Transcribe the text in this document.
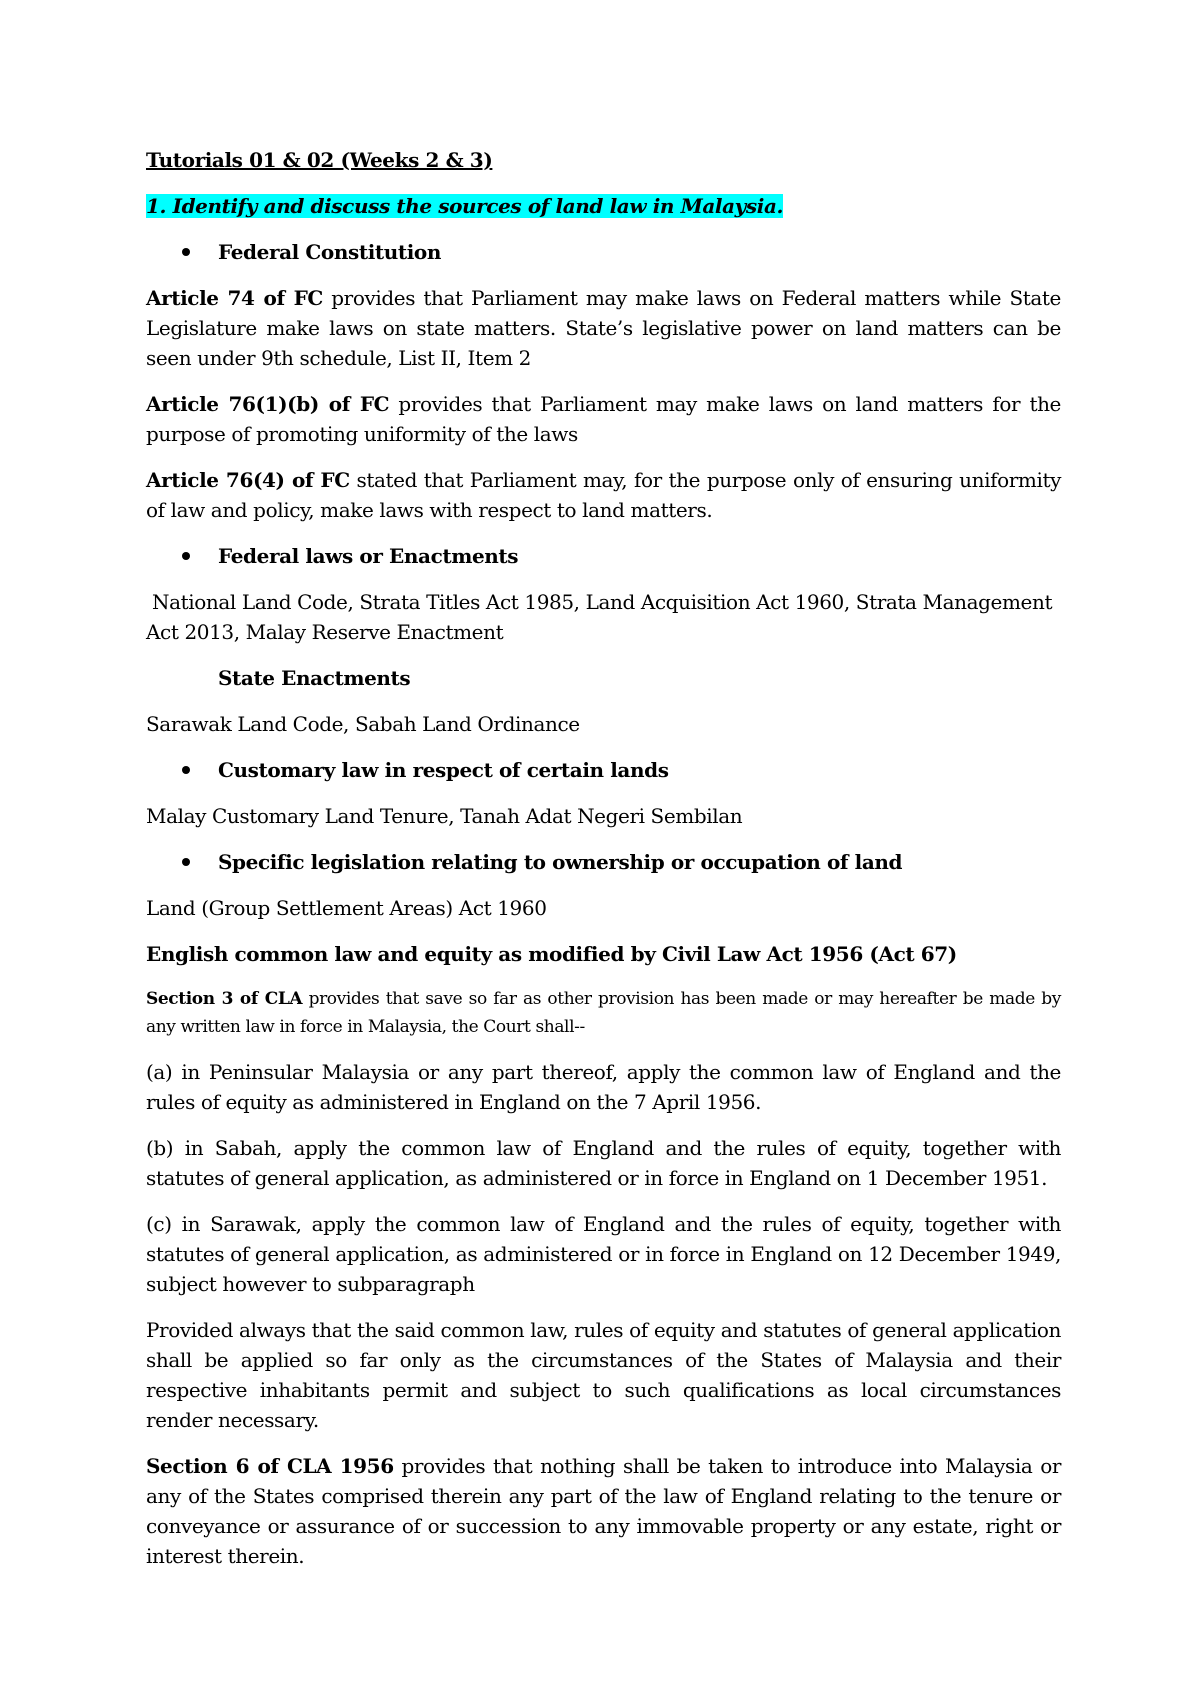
Tutorials 01 & 02 (Weeks 2 & 3)

1. Identify and discuss the sources of land law in Malaysia.

Federal Constitution

Article 74 of FC provides that Parliament may make laws on Federal matters while State Legislature make laws on state matters. State’s legislative power on land matters can be seen under 9th schedule, List II, Item 2

Article 76(1)(b) of FC provides that Parliament may make laws on land matters for the purpose of promoting uniformity of the laws

Article 76(4) of FC stated that Parliament may, for the purpose only of ensuring uniformity of law and policy, make laws with respect to land matters.

Federal laws or Enactments

National Land Code, Strata Titles Act 1985, Land Acquisition Act 1960, Strata Management Act 2013, Malay Reserve Enactment

State Enactments

Sarawak Land Code, Sabah Land Ordinance

Customary law in respect of certain lands

Malay Customary Land Tenure, Tanah Adat Negeri Sembilan

Specific legislation relating to ownership or occupation of land

Land (Group Settlement Areas) Act 1960

English common law and equity as modified by Civil Law Act 1956 (Act 67)

Section 3 of CLA provides that save so far as other provision has been made or may hereafter be made by any written law in force in Malaysia, the Court shall--

(a) in Peninsular Malaysia or any part thereof, apply the common law of England and the rules of equity as administered in England on the 7 April 1956.

(b) in Sabah, apply the common law of England and the rules of equity, together with statutes of general application, as administered or in force in England on 1 December 1951.

(c) in Sarawak, apply the common law of England and the rules of equity, together with statutes of general application, as administered or in force in England on 12 December 1949, subject however to subparagraph

Provided always that the said common law, rules of equity and statutes of general application shall be applied so far only as the circumstances of the States of Malaysia and their respective inhabitants permit and subject to such qualifications as local circumstances render necessary.

Section 6 of CLA 1956 provides that nothing shall be taken to introduce into Malaysia or any of the States comprised therein any part of the law of England relating to the tenure or conveyance or assurance of or succession to any immovable property or any estate, right or interest therein.
